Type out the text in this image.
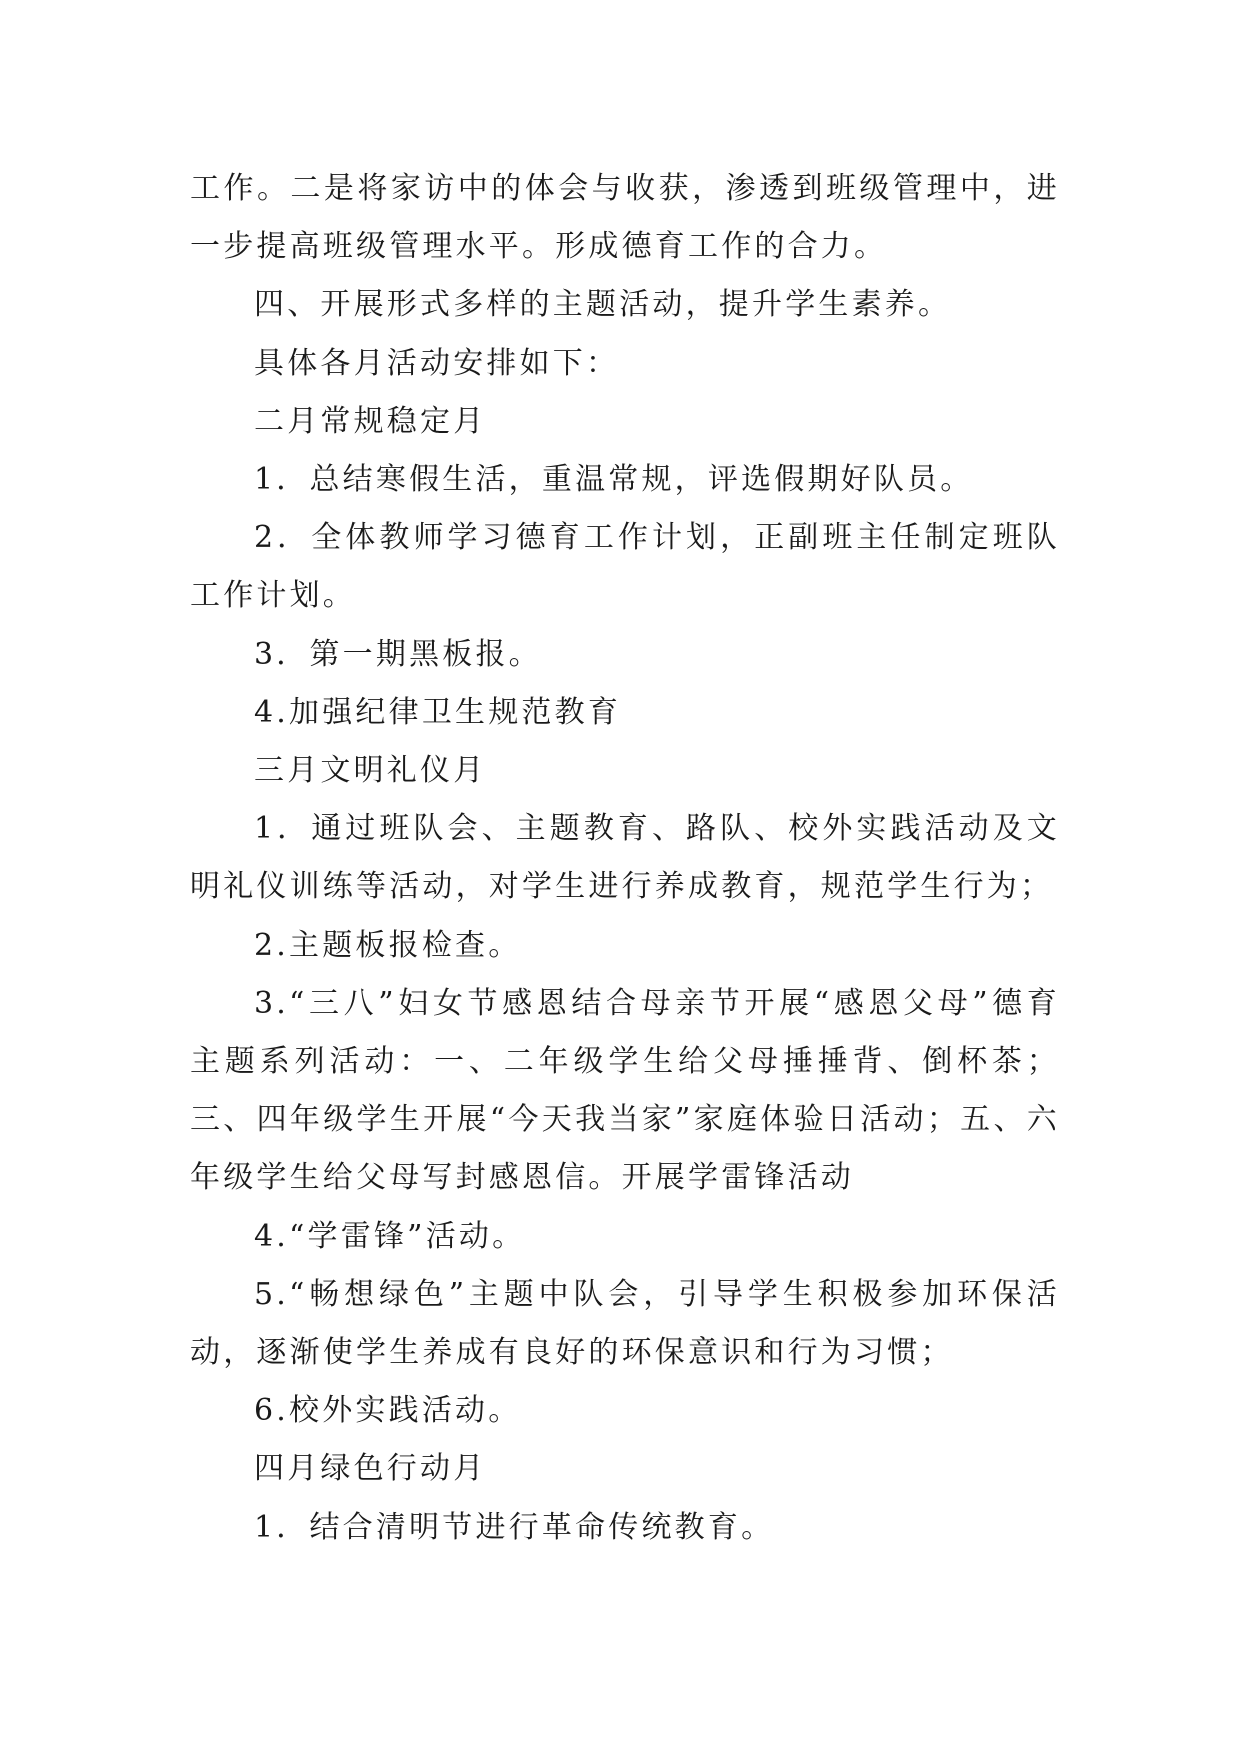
工作。二是将家访中的体会与收获，渗透到班级管理中，进一步提高班级管理水平。形成德育工作的合力。

四、开展形式多样的主题活动，提升学生素养。

具体各月活动安排如下：

二月常规稳定月

1．总结寒假生活，重温常规，评选假期好队员。

2．全体教师学习德育工作计划，正副班主任制定班队工作计划。

3．第一期黑板报。

4.加强纪律卫生规范教育

三月文明礼仪月

1．通过班队会、主题教育、路队、校外实践活动及文明礼仪训练等活动，对学生进行养成教育，规范学生行为；

2.主题板报检查。

3.“三八”妇女节感恩结合母亲节开展“感恩父母”德育主题系列活动：一、二年级学生给父母捶捶背、倒杯茶；三、四年级学生开展“今天我当家”家庭体验日活动；五、六年级学生给父母写封感恩信。开展学雷锋活动

4.“学雷锋”活动。

5.“畅想绿色”主题中队会，引导学生积极参加环保活动，逐渐使学生养成有良好的环保意识和行为习惯；

6.校外实践活动。

四月绿色行动月

1．结合清明节进行革命传统教育。
